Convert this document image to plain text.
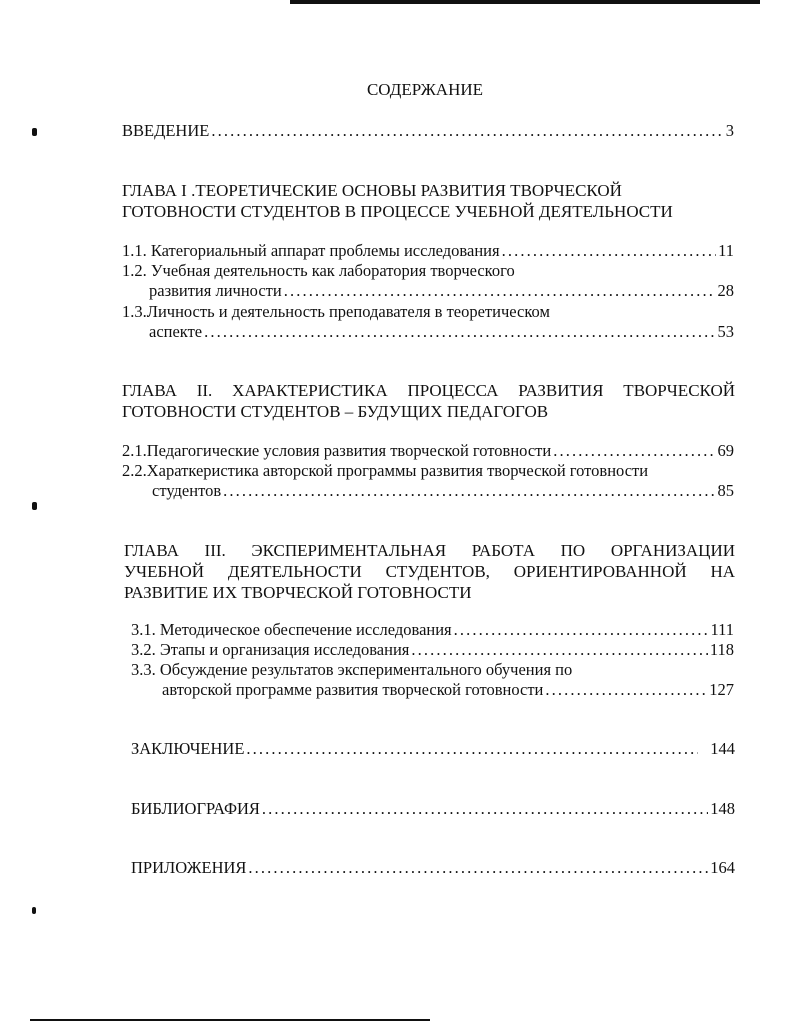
СОДЕРЖАНИЕ
ВВЕДЕНИЕ . . .	3
ГЛАВА I .ТЕОРЕТИЧЕСКИЕ ОСНОВЫ РАЗВИТИЯ ТВОРЧЕСКОЙ
ГОТОВНОСТИ СТУДЕНТОВ В ПРОЦЕССЕ УЧЕБНОЙ ДЕЯТЕЛЬНОСТИ
1.1. Категориальный аппарат проблемы исследования . . .	11
1.2. Учебная деятельность как лаборатория творческого
развития личности . . .	28
1.3.Личность и деятельность преподавателя в теоретическом
аспекте . . .	53
ГЛАВА II. ХАРАКТЕРИСТИКА ПРОЦЕССА РАЗВИТИЯ ТВОРЧЕСКОЙ
ГОТОВНОСТИ СТУДЕНТОВ – БУДУЩИХ ПЕДАГОГОВ
2.1.Педагогические условия развития творческой готовности . . .	69
2.2.Хараткеристика авторской программы развития творческой готовности
студентов . . .	85
ГЛАВА III. ЭКСПЕРИМЕНТАЛЬНАЯ РАБОТА ПО ОРГАНИЗАЦИИ
УЧЕБНОЙ ДЕЯТЕЛЬНОСТИ СТУДЕНТОВ, ОРИЕНТИРОВАННОЙ НА
РАЗВИТИЕ ИХ ТВОРЧЕСКОЙ ГОТОВНОСТИ
3.1. Методическое обеспечение исследования . . .	111
3.2. Этапы и организация исследования . . .	118
3.3. Обсуждение результатов экспериментального обучения по
авторской программе развития творческой готовности . . .	127
ЗАКЛЮЧЕНИЕ . . .	144
БИБЛИОГРАФИЯ . . .	148
ПРИЛОЖЕНИЯ . . .	164
